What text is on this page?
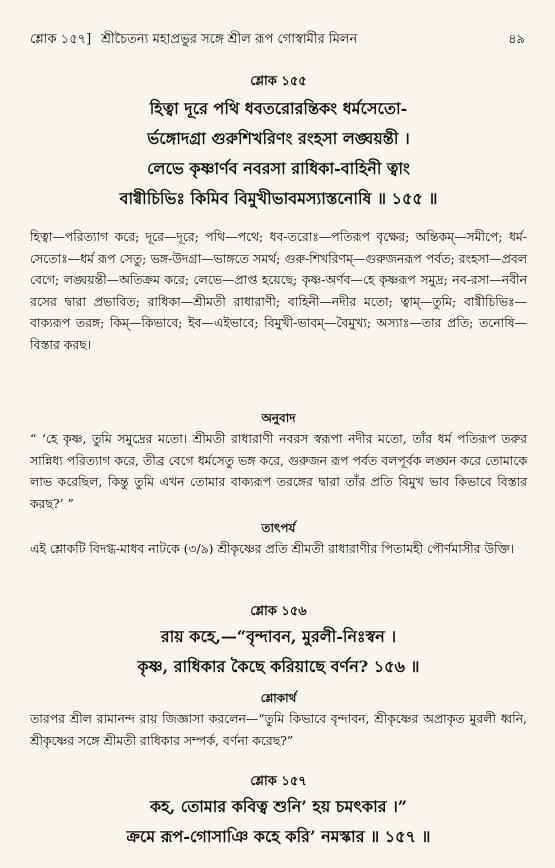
শ্লোক ১৫৭] শ্রীচৈতন্য মহাপ্রভুর সঙ্গে শ্রীল রূপ গোস্বামীর মিলন	৪৯
শ্লোক ১৫৫
হিত্বা দূরে পথি ধবতরোরন্তিকং ধর্মসেতো-
র্ভঙ্গোদগ্রা গুরুশিখরিণং রংহসা লঙ্ঘয়ন্তী ।
লেভে কৃষ্ণার্ণব নবরসা রাধিকা-বাহিনী ত্বাং
বাগ্বীচিভিঃ কিমিব বিমুখীভাবমস্যাস্তনোষি ॥ ১৫৫ ॥
হিত্বা—পরিত্যাগ করে; দূরে—দূরে; পথি—পথে; ধব-তরোঃ—পতিরূপ বৃক্ষের; অন্তিকম্—সমীপে; ধর্ম-সেতোঃ—ধর্ম রূপ সেতু; ভঙ্গ-উদগ্রা—ভাঙ্গতে সমর্থ; গুরু-শিখরিণম্—গুরুজনরূপ পর্বত; রংহসা—প্রবল বেগে; লঙ্ঘয়ন্তী—অতিক্রম করে; লেভে—প্রাপ্ত হয়েছে; কৃষ্ণ-অর্ণব—হে কৃষ্ণরূপ সমুদ্র; নব-রসা—নবীন রসের দ্বারা প্রভাবিত; রাধিকা—শ্রীমতী রাধারাণী; বাহিনী—নদীর মতো; ত্বাম্—তুমি; বাগ্বীচিভিঃ—বাক্যরূপ তরঙ্গ; কিম্—কিভাবে; ইব—এইভাবে; বিমুখী-ভাবম্—বৈমুখ্য; অস্যাঃ—তার প্রতি; তনোষি—বিস্তার করছ।
অনুবাদ
“ ‘হে কৃষ্ণ, তুমি সমুদ্রের মতো। শ্রীমতী রাধারাণী নবরস স্বরূপা নদীর মতো, তাঁর ধর্ম পতিরূপ তরুর সান্নিধ্য পরিত্যাগ করে, তীব্র বেগে ধর্মসেতু ভঙ্গ করে, গুরুজন রূপ পর্বত বলপূর্বক লঙ্ঘন করে তোমাকে লাভ করেছিল, কিন্তু তুমি এখন তোমার বাক্যরূপ তরঙ্গের দ্বারা তাঁর প্রতি বিমুখ ভাব কিভাবে বিস্তার করছ?’ ”
তাৎপর্য
এই শ্লোকটি বিদগ্ধ-মাধব নাটকে (৩/৯) শ্রীকৃষ্ণের প্রতি শ্রীমতী রাধারাণীর পিতামহী পৌর্ণমাসীর উক্তি।
শ্লোক ১৫৬
রায় কহে,—“বৃন্দাবন, মুরলী-নিঃস্বন ।
কৃষ্ণ, রাধিকার কৈছে করিয়াছে বর্ণন? ১৫৬ ॥
শ্লোকার্থ
তারপর শ্রীল রামানন্দ রায় জিজ্ঞাসা করলেন—“তুমি কিভাবে বৃন্দাবন, শ্রীকৃষ্ণের অপ্রাকৃত মুরলী ধ্বনি, শ্রীকৃষ্ণের সঙ্গে শ্রীমতী রাধিকার সম্পর্ক, বর্ণনা করেছ?”
শ্লোক ১৫৭
কহ, তোমার কবিত্ব শুনি’ হয় চমৎকার ।”
ক্রমে রূপ-গোসাঞি কহে করি’ নমস্কার ॥ ১৫৭ ॥
